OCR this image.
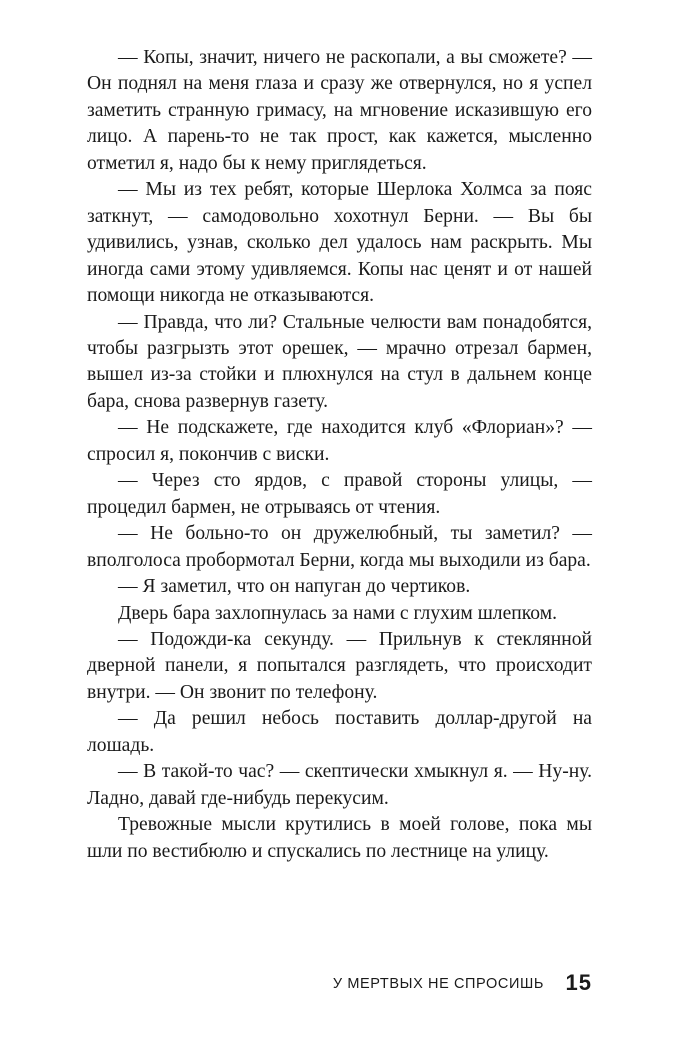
— Копы, значит, ничего не раскопали, а вы сможете? — Он поднял на меня глаза и сразу же отвернулся, но я успел заметить странную гримасу, на мгновение исказившую его лицо. А парень-то не так прост, как кажется, мысленно отметил я, надо бы к нему приглядеться.

— Мы из тех ребят, которые Шерлока Холмса за пояс заткнут, — самодовольно хохотнул Берни. — Вы бы удивились, узнав, сколько дел удалось нам раскрыть. Мы иногда сами этому удивляемся. Копы нас ценят и от нашей помощи никогда не отказываются.

— Правда, что ли? Стальные челюсти вам понадобятся, чтобы разгрызть этот орешек, — мрачно отрезал бармен, вышел из-за стойки и плюхнулся на стул в дальнем конце бара, снова развернув газету.

— Не подскажете, где находится клуб «Флориан»? — спросил я, покончив с виски.

— Через сто ярдов, с правой стороны улицы, — процедил бармен, не отрываясь от чтения.

— Не больно-то он дружелюбный, ты заметил? — вполголоса пробормотал Берни, когда мы выходили из бара.

— Я заметил, что он напуган до чертиков.

Дверь бара захлопнулась за нами с глухим шлепком.

— Подожди-ка секунду. — Прильнув к стеклянной дверной панели, я попытался разглядеть, что происходит внутри. — Он звонит по телефону.

— Да решил небось поставить доллар-другой на лошадь.

— В такой-то час? — скептически хмыкнул я. — Ну-ну. Ладно, давай где-нибудь перекусим.

Тревожные мысли крутились в моей голове, пока мы шли по вестибюлю и спускались по лестнице на улицу.

У МЕРТВЫХ НЕ СПРОСИШЬ 15
